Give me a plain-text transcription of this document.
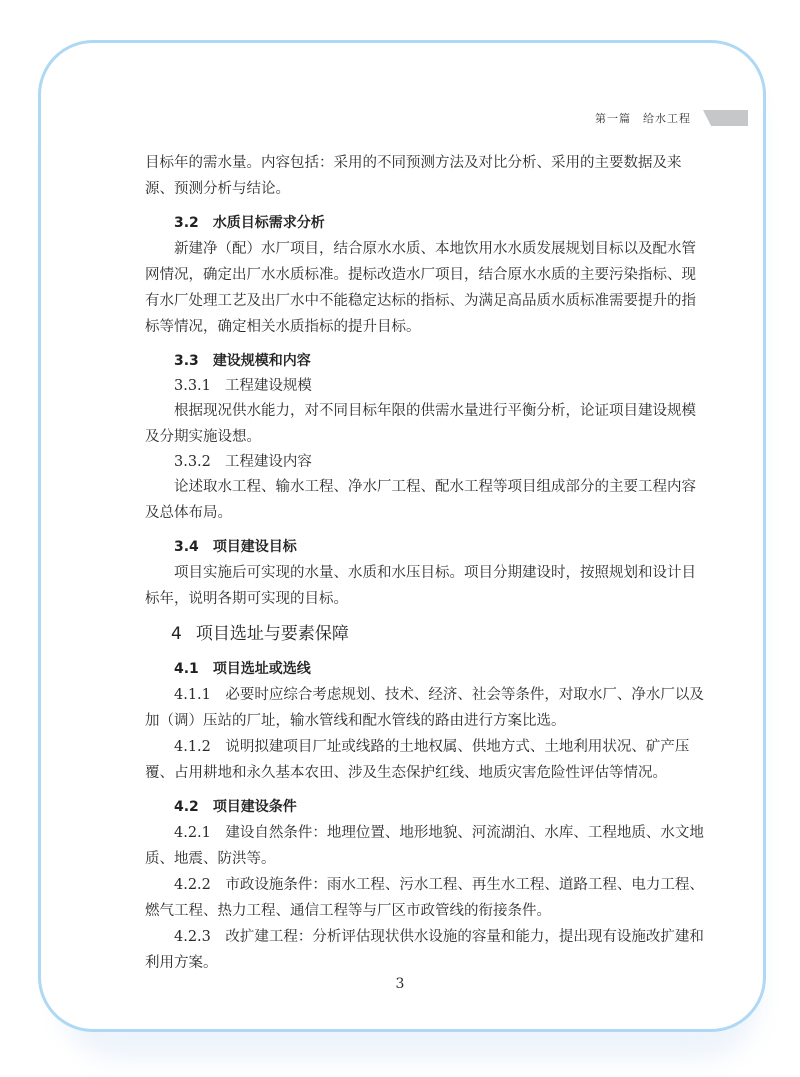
第一篇　给水工程
目标年的需水量。内容包括：采用的不同预测方法及对比分析、采用的主要数据及来
源、预测分析与结论。
3.2 水质目标需求分析
新建净（配）水厂项目，结合原水水质、本地饮用水水质发展规划目标以及配水管
网情况，确定出厂水水质标准。提标改造水厂项目，结合原水水质的主要污染指标、现
有水厂处理工艺及出厂水中不能稳定达标的指标、为满足高品质水质标准需要提升的指
标等情况，确定相关水质指标的提升目标。
3.3 建设规模和内容
3.3.1 工程建设规模
根据现况供水能力，对不同目标年限的供需水量进行平衡分析，论证项目建设规模
及分期实施设想。
3.3.2 工程建设内容
论述取水工程、输水工程、净水厂工程、配水工程等项目组成部分的主要工程内容
及总体布局。
3.4 项目建设目标
项目实施后可实现的水量、水质和水压目标。项目分期建设时，按照规划和设计目
标年，说明各期可实现的目标。
4 项目选址与要素保障
4.1 项目选址或选线
4.1.1　必要时应综合考虑规划、技术、经济、社会等条件，对取水厂、净水厂以及
加（调）压站的厂址，输水管线和配水管线的路由进行方案比选。
4.1.2　说明拟建项目厂址或线路的土地权属、供地方式、土地利用状况、矿产压
覆、占用耕地和永久基本农田、涉及生态保护红线、地质灾害危险性评估等情况。
4.2 项目建设条件
4.2.1　建设自然条件：地理位置、地形地貌、河流湖泊、水库、工程地质、水文地
质、地震、防洪等。
4.2.2　市政设施条件：雨水工程、污水工程、再生水工程、道路工程、电力工程、
燃气工程、热力工程、通信工程等与厂区市政管线的衔接条件。
4.2.3　改扩建工程：分析评估现状供水设施的容量和能力，提出现有设施改扩建和
利用方案。
3
